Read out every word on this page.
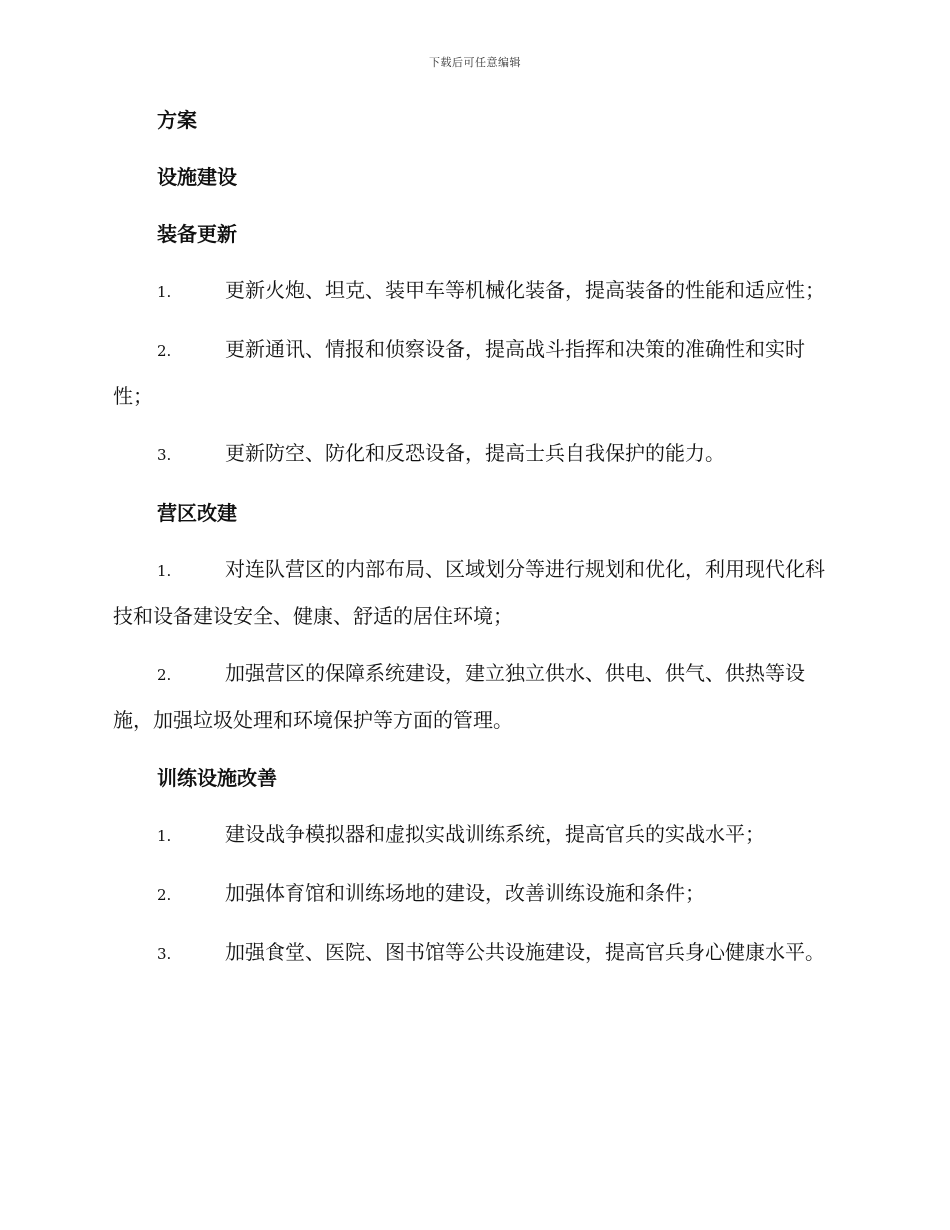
下载后可任意编辑
方案
设施建设
装备更新

1.	更新火炮、坦克、装甲车等机械化装备，提高装备的性能和适应性；

2.	更新通讯、情报和侦察设备，提高战斗指挥和决策的准确性和实时性；

3.	更新防空、防化和反恐设备，提高士兵自我保护的能力。

营区改建

1.	对连队营区的内部布局、区域划分等进行规划和优化，利用现代化科技和设备建设安全、健康、舒适的居住环境；

2.	加强营区的保障系统建设，建立独立供水、供电、供气、供热等设施，加强垃圾处理和环境保护等方面的管理。

训练设施改善

1.	建设战争模拟器和虚拟实战训练系统，提高官兵的实战水平；

2.	加强体育馆和训练场地的建设，改善训练设施和条件；

3.	加强食堂、医院、图书馆等公共设施建设，提高官兵身心健康水平。
